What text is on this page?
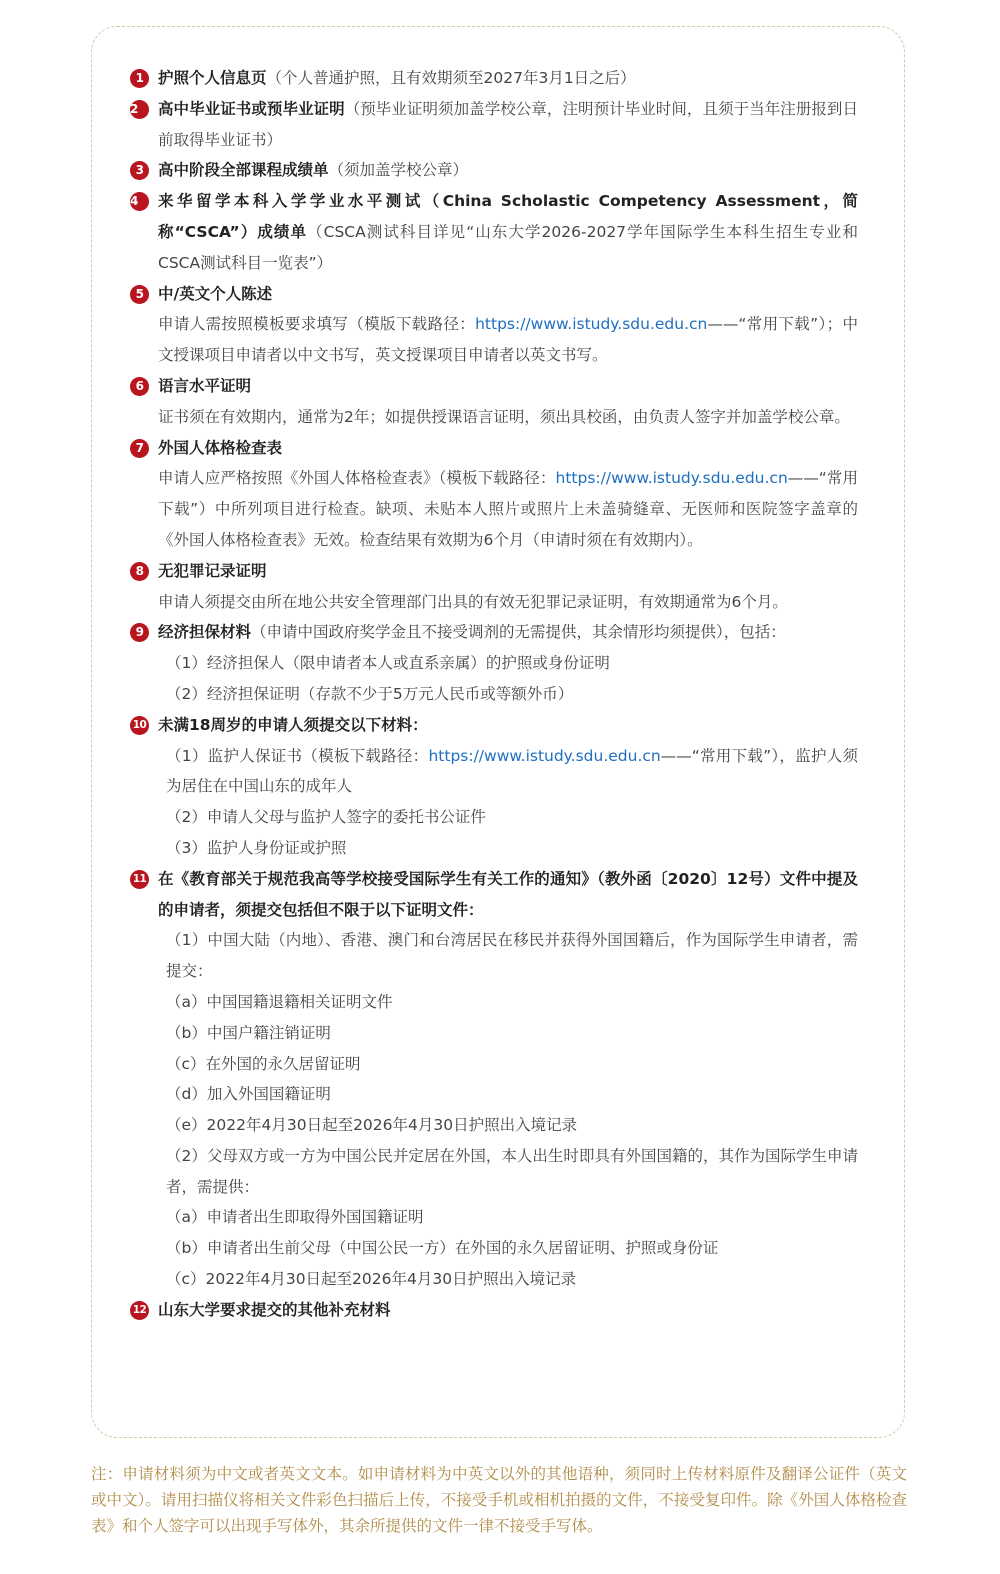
1 护照个人信息页（个人普通护照，且有效期须至2027年3月1日之后）
2	高中毕业证书或预毕业证明（预毕业证明须加盖学校公章，注明预计毕业时间，且须于当年注册报到日前取得毕业证书）
3 高中阶段全部课程成绩单（须加盖学校公章）
4	来华留学本科入学学业水平测试（China Scholastic Competency Assessment，简称“CSCA”）成绩单（CSCA测试科目详见“山东大学2026-2027学年国际学生本科生招生专业和CSCA测试科目一览表”）
5 中/英文个人陈述
申请人需按照模板要求填写（模版下载路径：https://www.istudy.sdu.edu.cn——“常用下载”）；中文授课项目申请者以中文书写，英文授课项目申请者以英文书写。
6 语言水平证明
证书须在有效期内，通常为2年；如提供授课语言证明，须出具校函，由负责人签字并加盖学校公章。
7 外国人体格检查表
申请人应严格按照《外国人体格检查表》（模板下载路径：https://www.istudy.sdu.edu.cn——“常用下载”）中所列项目进行检查。缺项、未贴本人照片或照片上未盖骑缝章、无医师和医院签字盖章的《外国人体格检查表》无效。检查结果有效期为6个月（申请时须在有效期内）。
8 无犯罪记录证明
申请人须提交由所在地公共安全管理部门出具的有效无犯罪记录证明，有效期通常为6个月。
9 经济担保材料（申请中国政府奖学金且不接受调剂的无需提供，其余情形均须提供），包括：
（1）经济担保人（限申请者本人或直系亲属）的护照或身份证明
（2）经济担保证明（存款不少于5万元人民币或等额外币）
10 未满18周岁的申请人须提交以下材料：
（1）监护人保证书（模板下载路径：https://www.istudy.sdu.edu.cn——“常用下载”），监护人须为居住在中国山东的成年人
（2）申请人父母与监护人签字的委托书公证件
（3）监护人身份证或护照
11 在《教育部关于规范我高等学校接受国际学生有关工作的通知》（教外函〔2020〕12号）文件中提及的申请者，须提交包括但不限于以下证明文件：
（1）中国大陆（内地）、香港、澳门和台湾居民在移民并获得外国国籍后，作为国际学生申请者，需提交：
（a）中国国籍退籍相关证明文件
（b）中国户籍注销证明
（c）在外国的永久居留证明
（d）加入外国国籍证明
（e）2022年4月30日起至2026年4月30日护照出入境记录
（2）父母双方或一方为中国公民并定居在外国，本人出生时即具有外国国籍的，其作为国际学生申请者，需提供：
（a）申请者出生即取得外国国籍证明
（b）申请者出生前父母（中国公民一方）在外国的永久居留证明、护照或身份证
（c）2022年4月30日起至2026年4月30日护照出入境记录
12 山东大学要求提交的其他补充材料
注：申请材料须为中文或者英文文本。如申请材料为中英文以外的其他语种，须同时上传材料原件及翻译公证件（英文或中文）。请用扫描仪将相关文件彩色扫描后上传，不接受手机或相机拍摄的文件，不接受复印件。除《外国人体格检查表》和个人签字可以出现手写体外，其余所提供的文件一律不接受手写体。
